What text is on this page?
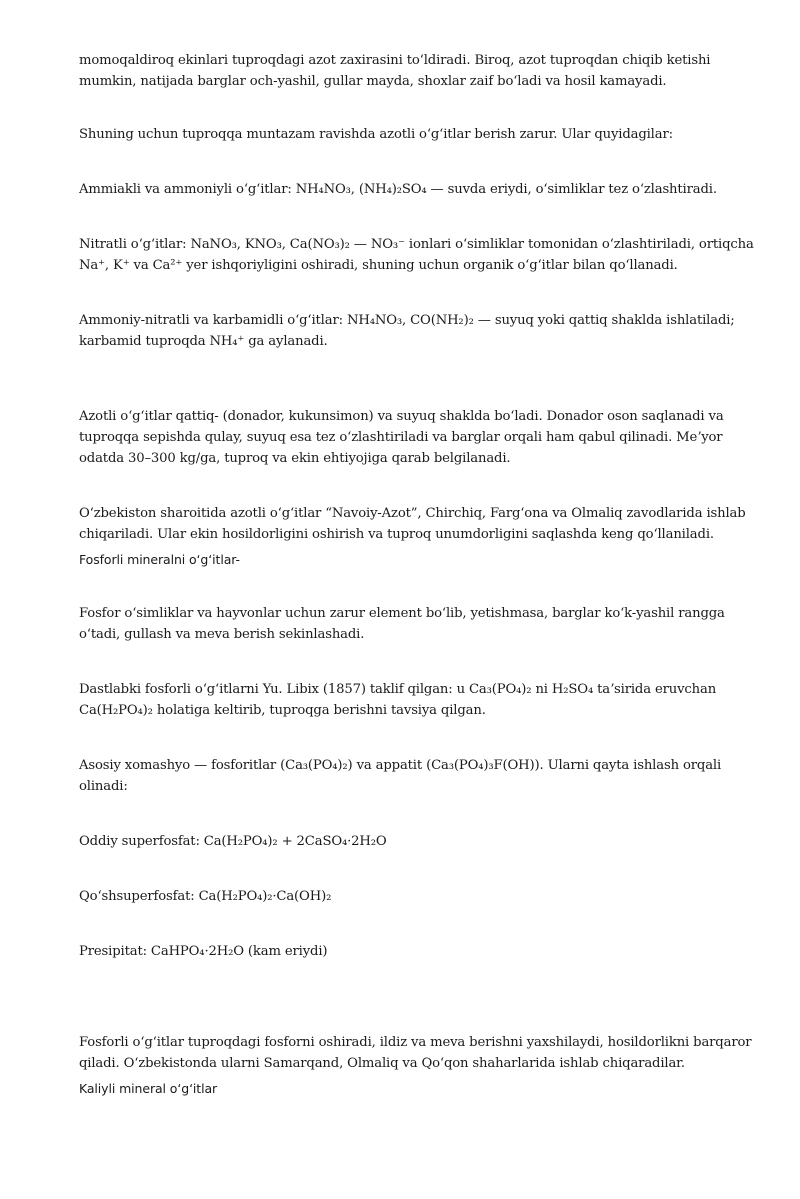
momoqaldiroq ekinlari tuproqdagi azot zaxirasini toʻldiradi. Biroq, azot tuproqdan chiqib ketishi mumkin, natijada barglar och-yashil, gullar mayda, shoxlar zaif boʻladi va hosil kamayadi.

Shuning uchun tuproqqa muntazam ravishda azotli oʻgʻitlar berish zarur. Ular quyidagilar:

Ammiakli va ammoniyli oʻgʻitlar: NH₄NO₃, (NH₄)₂SO₄ — suvda eriydi, oʻsimliklar tez oʻzlashtiradi.

Nitratli oʻgʻitlar: NaNO₃, KNO₃, Ca(NO₃)₂ — NO₃⁻ ionlari oʻsimliklar tomonidan oʻzlashtiriladi, ortiqcha Na⁺, K⁺ va Ca²⁺ yer ishqoriyligini oshiradi, shuning uchun organik oʻgʻitlar bilan qoʻllanadi.

Ammoniy-nitratli va karbamidli oʻgʻitlar: NH₄NO₃, CO(NH₂)₂ — suyuq yoki qattiq shaklda ishlatiladi; karbamid tuproqda NH₄⁺ ga aylanadi.

Azotli oʻgʻitlar qattiq- (donador, kukunsimon) va suyuq shaklda boʻladi. Donador oson saqlanadi va tuproqqa sepishda qulay, suyuq esa tez oʻzlashtiriladi va barglar orqali ham qabul qilinadi. Meʼyor odatda 30–300 kg/ga, tuproq va ekin ehtiyojiga qarab belgilanadi.

Oʻzbekiston sharoitida azotli oʻgʻitlar “Navoiy-Azot”, Chirchiq, Fargʻona va Olmaliq zavodlarida ishlab chiqariladi. Ular ekin hosildorligini oshirish va tuproq unumdorligini saqlashda keng qoʻllaniladi.

Fosforli mineralni o‘g‘itlar-

Fosfor oʻsimliklar va hayvonlar uchun zarur element boʻlib, yetishmasa, barglar koʻk-yashil rangga oʻtadi, gullash va meva berish sekinlashadi.

Dastlabki fosforli oʻgʻitlarni Yu. Libix (1857) taklif qilgan: u Ca₃(PO₄)₂ ni H₂SO₄ taʼsirida eruvchan Ca(H₂PO₄)₂ holatiga keltirib, tuproqga berishni tavsiya qilgan.

Asosiy xomashyo — fosforitlar (Ca₃(PO₄)₂) va appatit (Ca₃(PO₄)₃F(OH)). Ularni qayta ishlash orqali olinadi:

Oddiy superfosfat: Ca(H₂PO₄)₂ + 2CaSO₄·2H₂O

Qoʻshsuperfosfat: Ca(H₂PO₄)₂·Ca(OH)₂

Presipitat: CaHPO₄·2H₂O (kam eriydi)

Fosforli oʻgʻitlar tuproqdagi fosforni oshiradi, ildiz va meva berishni yaxshilaydi, hosildorlikni barqaror qiladi. Oʻzbekistonda ularni Samarqand, Olmaliq va Qoʻqon shaharlarida ishlab chiqaradilar.

Kaliyli mineral o‘g‘itlar
